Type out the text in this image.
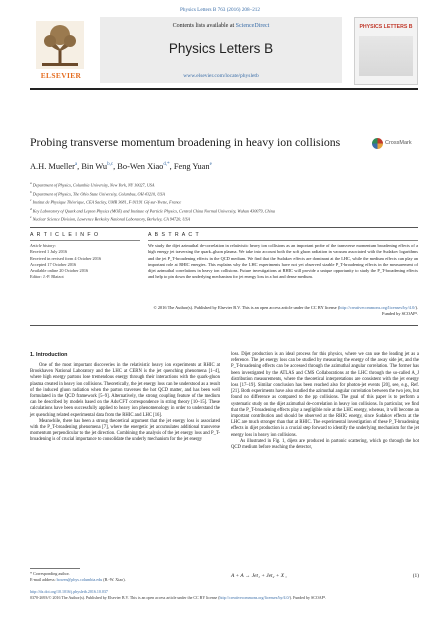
Physics Letters B 763 (2016) 208–212
ELSEVIER
Contents lists available at ScienceDirect
Physics Letters B
www.elsevier.com/locate/physletb
PHYSICS LETTERS B
Probing transverse momentum broadening in heavy ion collisions	CrossMark
A.H. Mueller$^a$, Bin Wu$^{b,c}$, Bo-Wen Xiao$^{d,*}$, Feng Yuan$^e$
$^a$ Department of Physics, Columbia University, New York, NY 10027, USA
$^b$ Department of Physics, The Ohio State University, Columbus, OH 43210, USA
$^c$ Institut de Physique Théorique, CEA Saclay, UMR 3681, F-91191 Gif-sur-Yvette, France
$^d$ Key Laboratory of Quark and Lepton Physics (MOE) and Institute of Particle Physics, Central China Normal University, Wuhan 430079, China
$^e$ Nuclear Science Division, Lawrence Berkeley National Laboratory, Berkeley, CA 94720, USA
A R T I C L E I N F O	A B S T R A C T
Article history:
Received 1 July 2016
Received in revised form 4 October 2016
Accepted 17 October 2016
Available online 20 October 2016
Editor: J.-P. Blaizot
We study the dijet azimuthal de-correlation in relativistic heavy ion collisions as an important probe of the transverse momentum broadening effects of a high energy jet traversing the quark–gluon plasma. We take into account both the soft gluon radiation in vacuum associated with the Sudakov logarithms and the jet P_T-broadening effects in the QCD medium. We find that the Sudakov effects are dominant at the LHC, while the medium effects can play an important role at RHIC energies. This explains why the LHC experiments have not yet observed sizable P_T-broadening effects in the measurement of dijet azimuthal correlations in heavy ion collisions. Future investigations at RHIC will provide a unique opportunity to study the P_T-broadening effects and help to pin down the underlying mechanism for jet energy loss in a hot and dense medium.
© 2016 The Author(s). Published by Elsevier B.V. This is an open access article under the CC BY license (http://creativecommons.org/licenses/by/4.0/). Funded by SCOAP³.
1. Introduction

One of the most important discoveries in the relativistic heavy ion experiments at RHIC at Brookhaven National Laboratory and the LHC at CERN is the jet quenching phenomena [1–4], where high energy partons lose tremendous energy through their interactions with the quark-gluon plasma created in heavy ion collisions. Theoretically, the jet energy loss can be understood as a result of the induced gluon radiation when the parton traverses the hot QCD matter, and has been well formulated in the QCD framework [5–9]. Alternatively, the strong coupling feature of the medium can be described by models based on the Ads/CFT correspondence in string theory [10–15]. These calculations have been successfully applied to heavy ion phenomenology in order to understand the jet quenching related experimental data from the RHIC and LHC [16].

Meanwhile, there has been a strong theoretical argument that the jet energy loss is associated with the P_T-broadening phenomena [7], where the energetic jet accumulates additional transverse momentum perpendicular to the jet direction. Combining the analysis of the jet energy loss and P_T-broadening is of crucial importance to consolidate the underly mechanism for the jet energy

loss. Dijet production is an ideal process for this physics, where we can use the leading jet as a reference. The jet energy loss can be studied by measuring the energy of the away side jet, and the P_T-broadening effects can be accessed through the azimuthal angular correlation. The former has been investigated by the ATLAS and CMS Collaborations at the LHC through the so-called A_J distribution measurements, where the theoretical interpretations are consistent with the jet energy loss [17–19]. Similar conclusion has been reached also for photon-jet events [20], see, e.g., Ref. [21]. Both experiments have also studied the azimuthal angular correlation between the two jets, but found no difference as compared to the pp collisions. The goal of this paper is to perform a systematic study on the dijet azimuthal de-correlation in heavy ion collisions. In particular, we find that the P_T-broadening effects play a negligible role at the LHC energy, whereas, it will become an important contribution and should be observed at the RHIC energy, since Sudakov effects at the LHC are much stronger than that at RHIC. The experimental investigation of these P_T-broadening effects in dijet production is a crucial step forward to identify the underlying mechanism for the jet energy loss in heavy ion collisions.

As illustrated in Fig. 1, dijets are produced in partonic scattering, which go through the hot QCD medium before reaching the detector,

A + A → Jet₁ + Jet₂ + X ,	(1)
* Corresponding author.
E-mail address: bowen@phys.columbia.edu (B.-W. Xiao).
http://dx.doi.org/10.1016/j.physletb.2016.10.037
0370-2693/© 2016 The Author(s). Published by Elsevier B.V. This is an open access article under the CC BY license (http://creativecommons.org/licenses/by/4.0/). Funded by SCOAP³.
